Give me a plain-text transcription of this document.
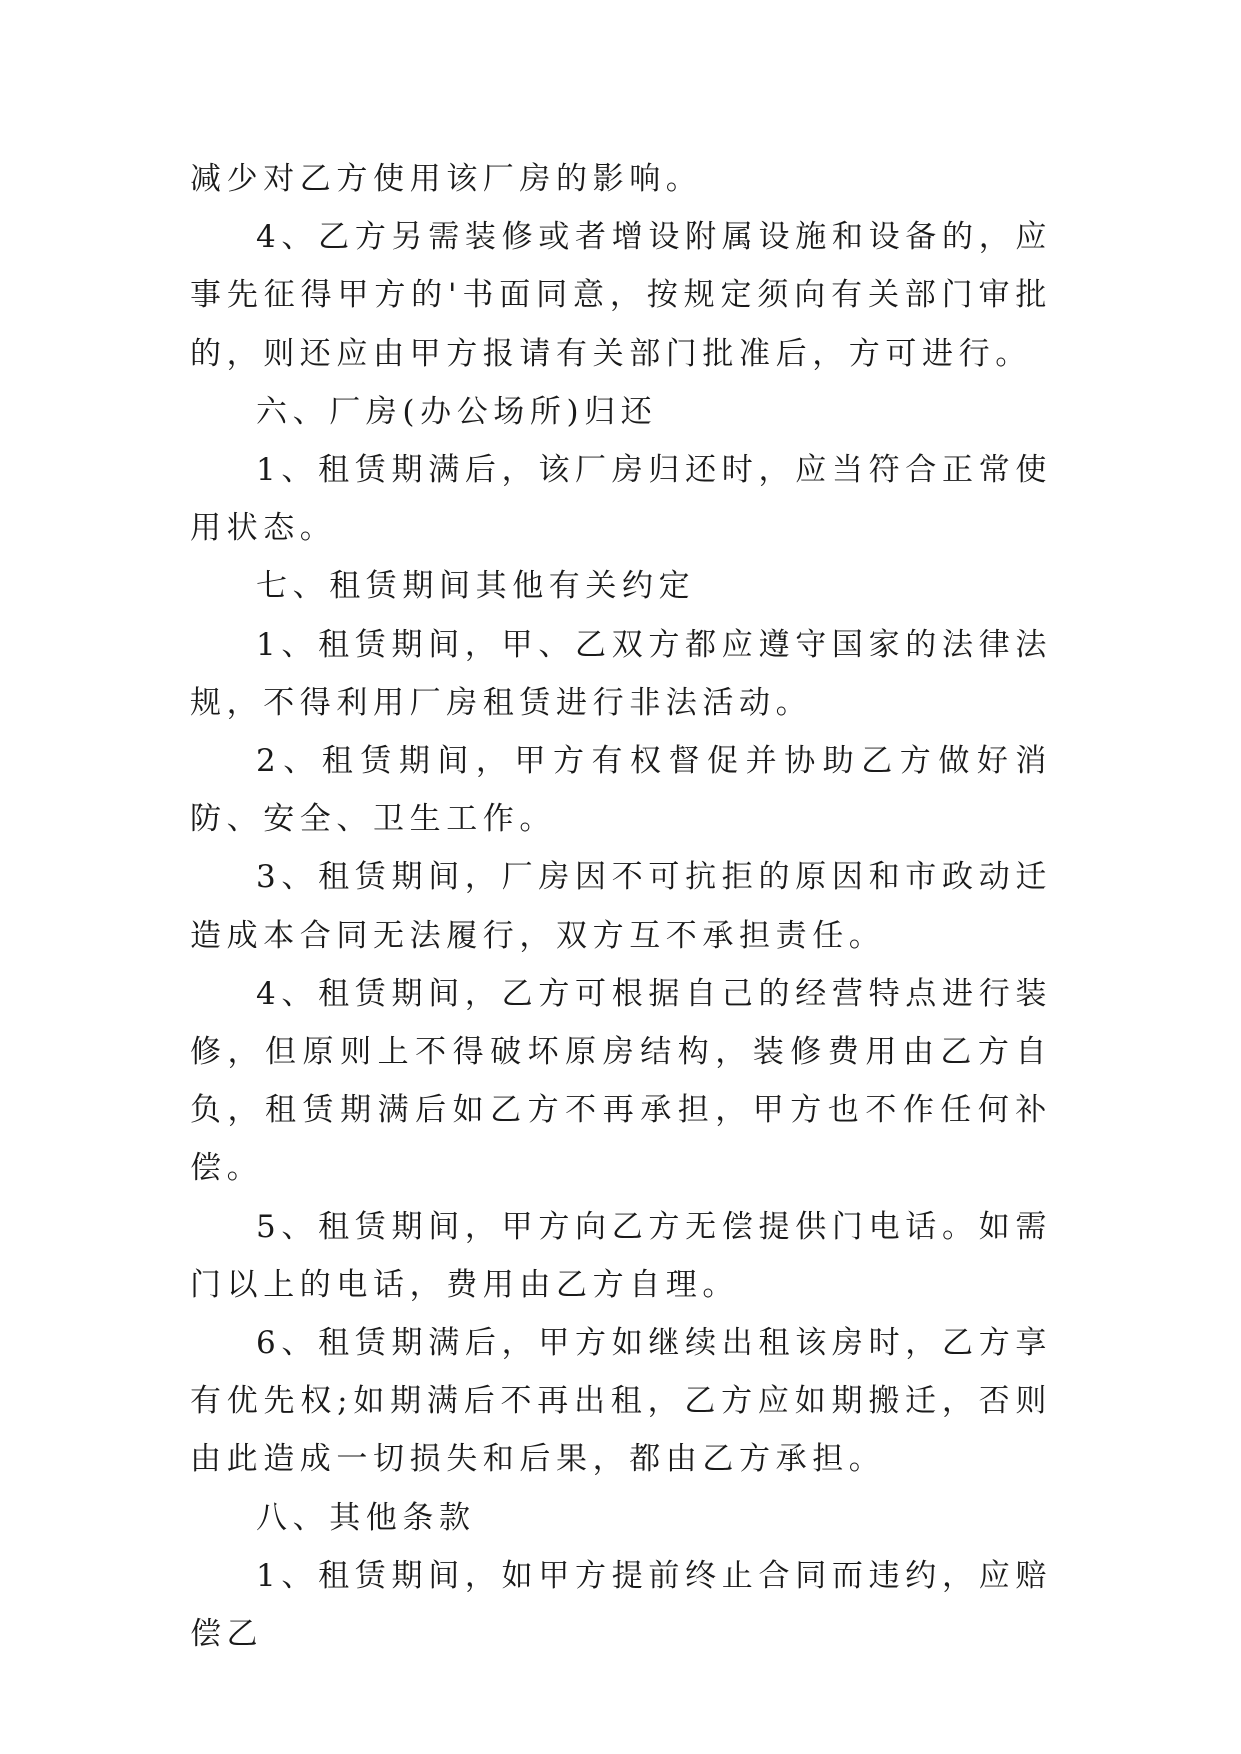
减少对乙方使用该厂房的影响。

4、乙方另需装修或者增设附属设施和设备的，应事先征得甲方的'书面同意，按规定须向有关部门审批的，则还应由甲方报请有关部门批准后，方可进行。

六、厂房(办公场所)归还

1、租赁期满后，该厂房归还时，应当符合正常使用状态。

七、租赁期间其他有关约定

1、租赁期间，甲、乙双方都应遵守国家的法律法规，不得利用厂房租赁进行非法活动。

2、租赁期间，甲方有权督促并协助乙方做好消防、安全、卫生工作。

3、租赁期间，厂房因不可抗拒的原因和市政动迁造成本合同无法履行，双方互不承担责任。

4、租赁期间，乙方可根据自己的经营特点进行装修，但原则上不得破坏原房结构，装修费用由乙方自负，租赁期满后如乙方不再承担，甲方也不作任何补偿。

5、租赁期间，甲方向乙方无偿提供门电话。如需门以上的电话，费用由乙方自理。

6、租赁期满后，甲方如继续出租该房时，乙方享有优先权;如期满后不再出租，乙方应如期搬迁，否则由此造成一切损失和后果，都由乙方承担。

八、其他条款

1、租赁期间，如甲方提前终止合同而违约，应赔偿乙
